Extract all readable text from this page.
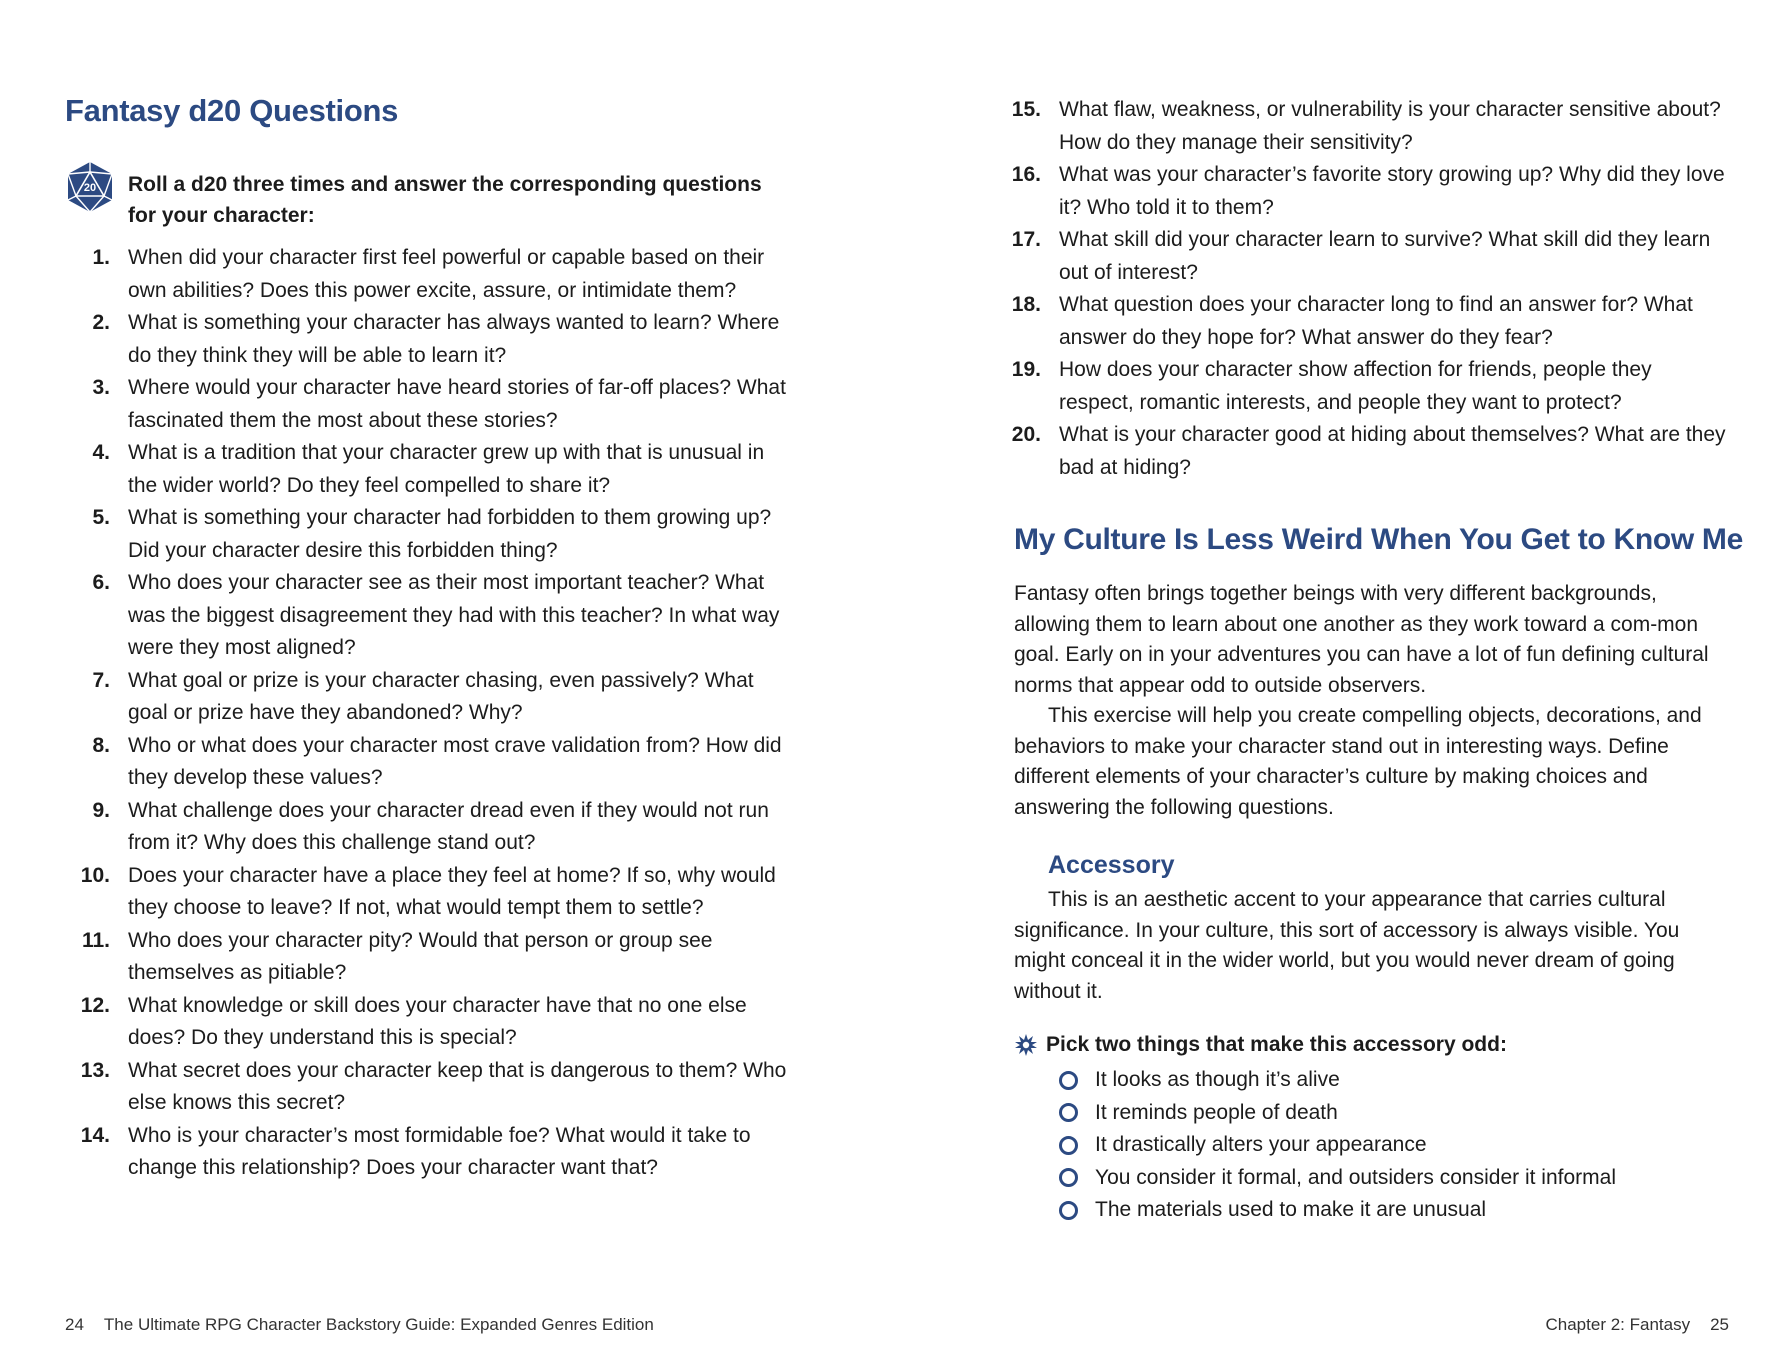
Fantasy d20 Questions
20 Roll a d20 three times and answer the corresponding questions for your character:
1. When did your character first feel powerful or capable based on their own abilities? Does this power excite, assure, or intimidate them?
2. What is something your character has always wanted to learn? Where do they think they will be able to learn it?
3. Where would your character have heard stories of far-off places? What fascinated them the most about these stories?
4. What is a tradition that your character grew up with that is unusual in the wider world? Do they feel compelled to share it?
5. What is something your character had forbidden to them growing up? Did your character desire this forbidden thing?
6. Who does your character see as their most important teacher? What was the biggest disagreement they had with this teacher? In what way were they most aligned?
7. What goal or prize is your character chasing, even passively? What goal or prize have they abandoned? Why?
8. Who or what does your character most crave validation from? How did they develop these values?
9. What challenge does your character dread even if they would not run from it? Why does this challenge stand out?
10. Does your character have a place they feel at home? If so, why would they choose to leave? If not, what would tempt them to settle?
11. Who does your character pity? Would that person or group see themselves as pitiable?
12. What knowledge or skill does your character have that no one else does? Do they understand this is special?
13. What secret does your character keep that is dangerous to them? Who else knows this secret?
14. Who is your character’s most formidable foe? What would it take to change this relationship? Does your character want that?
24 The Ultimate RPG Character Backstory Guide: Expanded Genres Edition
15. What flaw, weakness, or vulnerability is your character sensitive about? How do they manage their sensitivity?
16. What was your character’s favorite story growing up? Why did they love it? Who told it to them?
17. What skill did your character learn to survive? What skill did they learn out of interest?
18. What question does your character long to find an answer for? What answer do they hope for? What answer do they fear?
19. How does your character show affection for friends, people they respect, romantic interests, and people they want to protect?
20. What is your character good at hiding about themselves? What are they bad at hiding?
My Culture Is Less Weird When You Get to Know Me

Fantasy often brings together beings with very different backgrounds, allowing them to learn about one another as they work toward a com-mon goal. Early on in your adventures you can have a lot of fun defining cultural norms that appear odd to outside observers.

This exercise will help you create compelling objects, decorations, and behaviors to make your character stand out in interesting ways. Define different elements of your character’s culture by making choices and answering the following questions.

Accessory

This is an aesthetic accent to your appearance that carries cultural significance. In your culture, this sort of accessory is always visible. You might conceal it in the wider world, but you would never dream of going without it.

Pick two things that make this accessory odd:
It looks as though it’s alive
It reminds people of death
It drastically alters your appearance
You consider it formal, and outsiders consider it informal
The materials used to make it are unusual
Chapter 2: Fantasy 25
